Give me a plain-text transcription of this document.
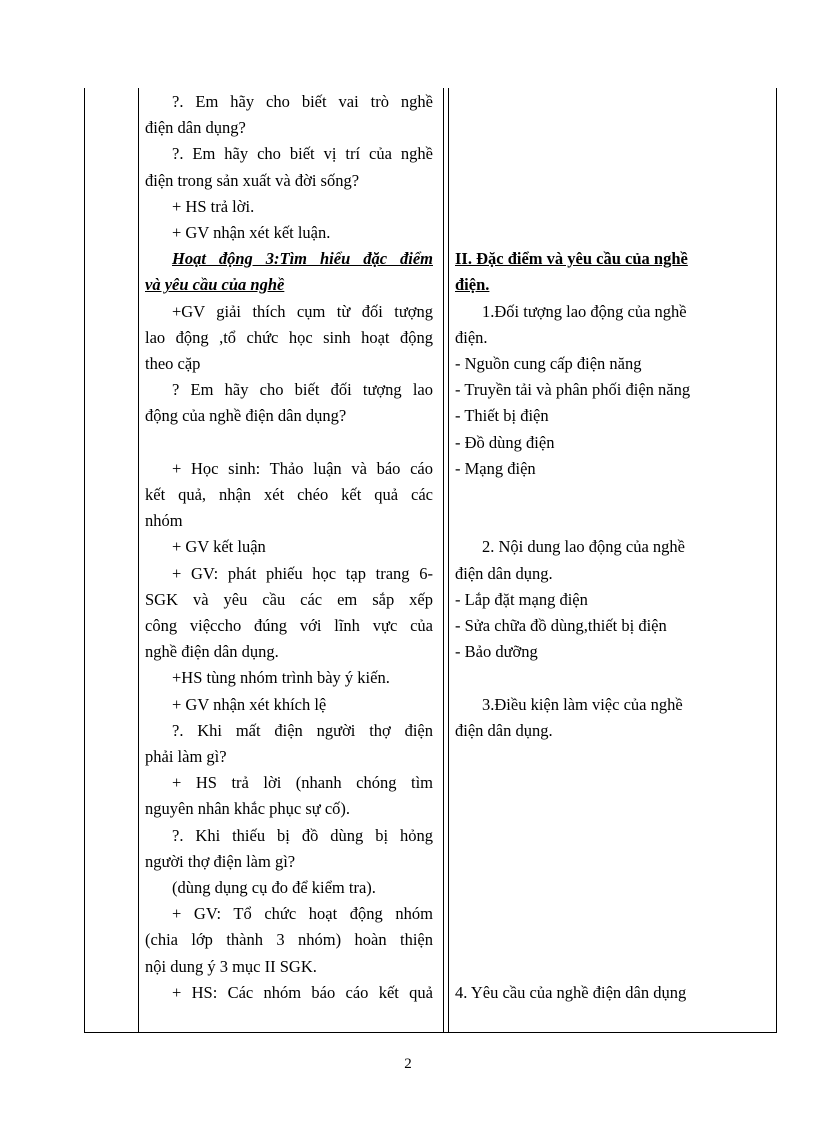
?. Em hãy cho biết vai trò nghề
điện dân dụng?
?. Em hãy cho biết vị trí của nghề
điện trong sản xuất và đời sống?
+ HS trả lời.
+ GV nhận xét kết luận.
Hoạt động 3:Tìm hiểu đặc điểm
và yêu cầu của nghề
+GV giải thích cụm từ đối tượng
lao động ,tổ chức học sinh hoạt động
theo cặp
? Em hãy cho biết đối tượng lao
động của nghề điện dân dụng?
+ Học sinh: Thảo luận và báo cáo
kết quả, nhận xét chéo kết quả các
nhóm
+ GV kết luận
+ GV: phát phiếu học tạp trang 6-
SGK và yêu cầu các em sắp xếp
công việccho đúng với lĩnh vực của
nghề điện dân dụng.
+HS tùng nhóm trình bày ý kiến.
+ GV nhận xét khích lệ
?. Khi mất điện người thợ điện
phải làm gì?
+ HS trả lời (nhanh chóng tìm
nguyên nhân khắc phục sự cố).
?. Khi thiếu bị đồ dùng bị hỏng
người thợ điện làm gì?
(dùng dụng cụ đo để kiểm tra).
+ GV: Tổ chức hoạt động nhóm
(chia lớp thành 3 nhóm) hoàn thiện
nội dung ý 3 mục II SGK.
+ HS: Các nhóm báo cáo kết quả
II. Đặc điểm và yêu cầu của nghề
điện.
1.Đối tượng lao động của nghề
điện.
- Nguồn cung cấp điện năng
- Truyền tải và phân phối điện năng
- Thiết bị điện
- Đồ dùng điện
- Mạng điện
2. Nội dung lao động của nghề
điện dân dụng.
- Lắp đặt mạng điện
- Sửa chữa đồ dùng,thiết bị điện
- Bảo dưỡng
3.Điều kiện làm việc của nghề
điện dân dụng.
4. Yêu cầu của nghề điện dân dụng
2
